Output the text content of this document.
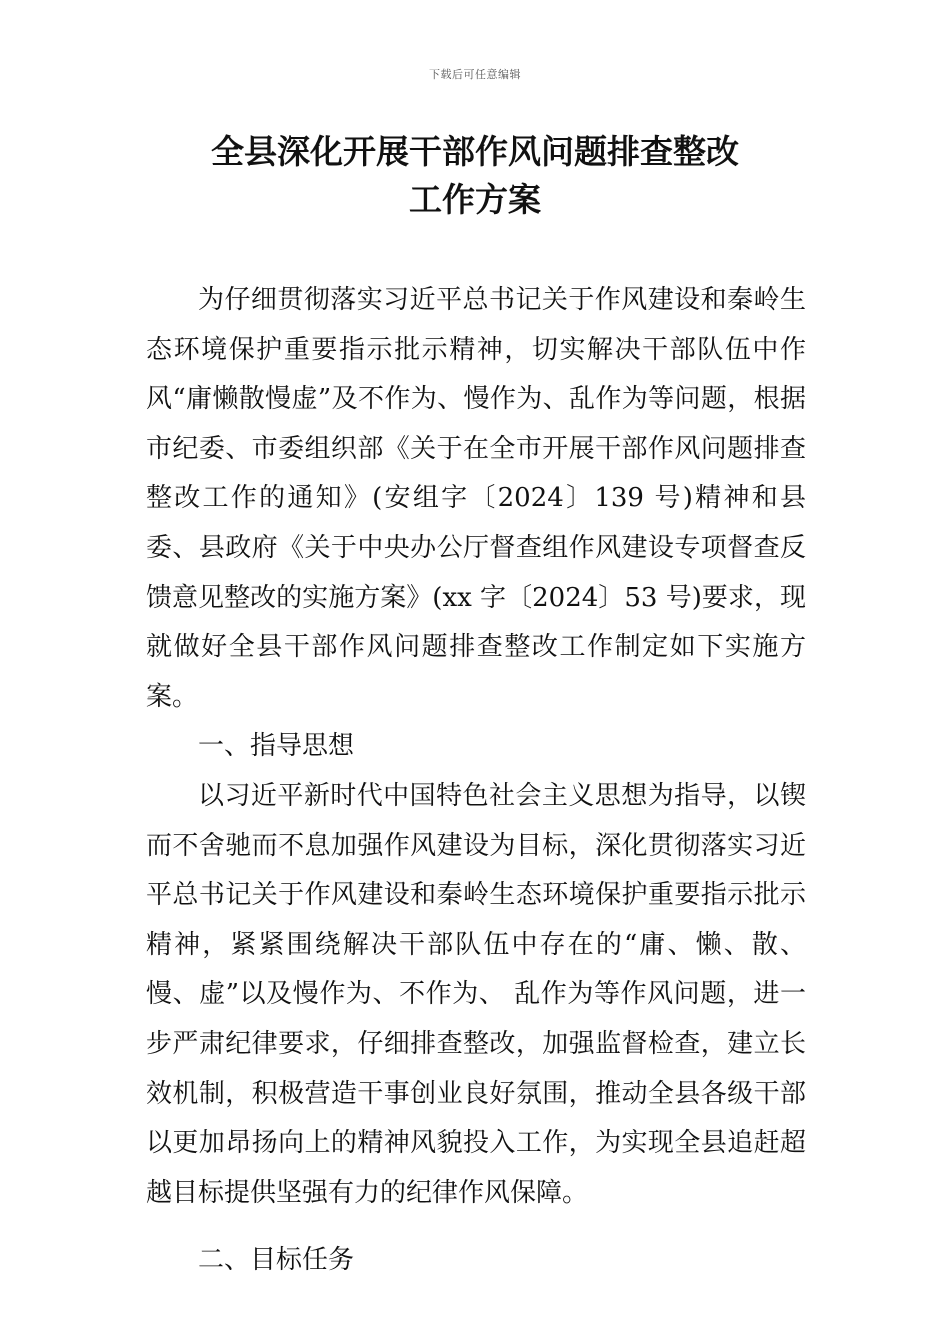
下载后可任意编辑
全县深化开展干部作风问题排查整改
工作方案

为仔细贯彻落实习近平总书记关于作风建设和秦岭生态环境保护重要指示批示精神，切实解决干部队伍中作风“庸懒散慢虚”及不作为、慢作为、乱作为等问题，根据市纪委、市委组织部《关于在全市开展干部作风问题排查整改工作的通知》(安组字〔2024〕139 号)精神和县委、县政府《关于中央办公厅督查组作风建设专项督查反馈意见整改的实施方案》(xx 字〔2024〕53 号)要求，现就做好全县干部作风问题排查整改工作制定如下实施方案。

一、指导思想

以习近平新时代中国特色社会主义思想为指导，以锲而不舍驰而不息加强作风建设为目标，深化贯彻落实习近平总书记关于作风建设和秦岭生态环境保护重要指示批示精神，紧紧围绕解决干部队伍中存在的“庸、懒、散、慢、虚”以及慢作为、不作为、 乱作为等作风问题，进一步严肃纪律要求，仔细排查整改，加强监督检查，建立长效机制，积极营造干事创业良好氛围，推动全县各级干部以更加昂扬向上的精神风貌投入工作，为实现全县追赶超越目标提供坚强有力的纪律作风保障。

二、目标任务
